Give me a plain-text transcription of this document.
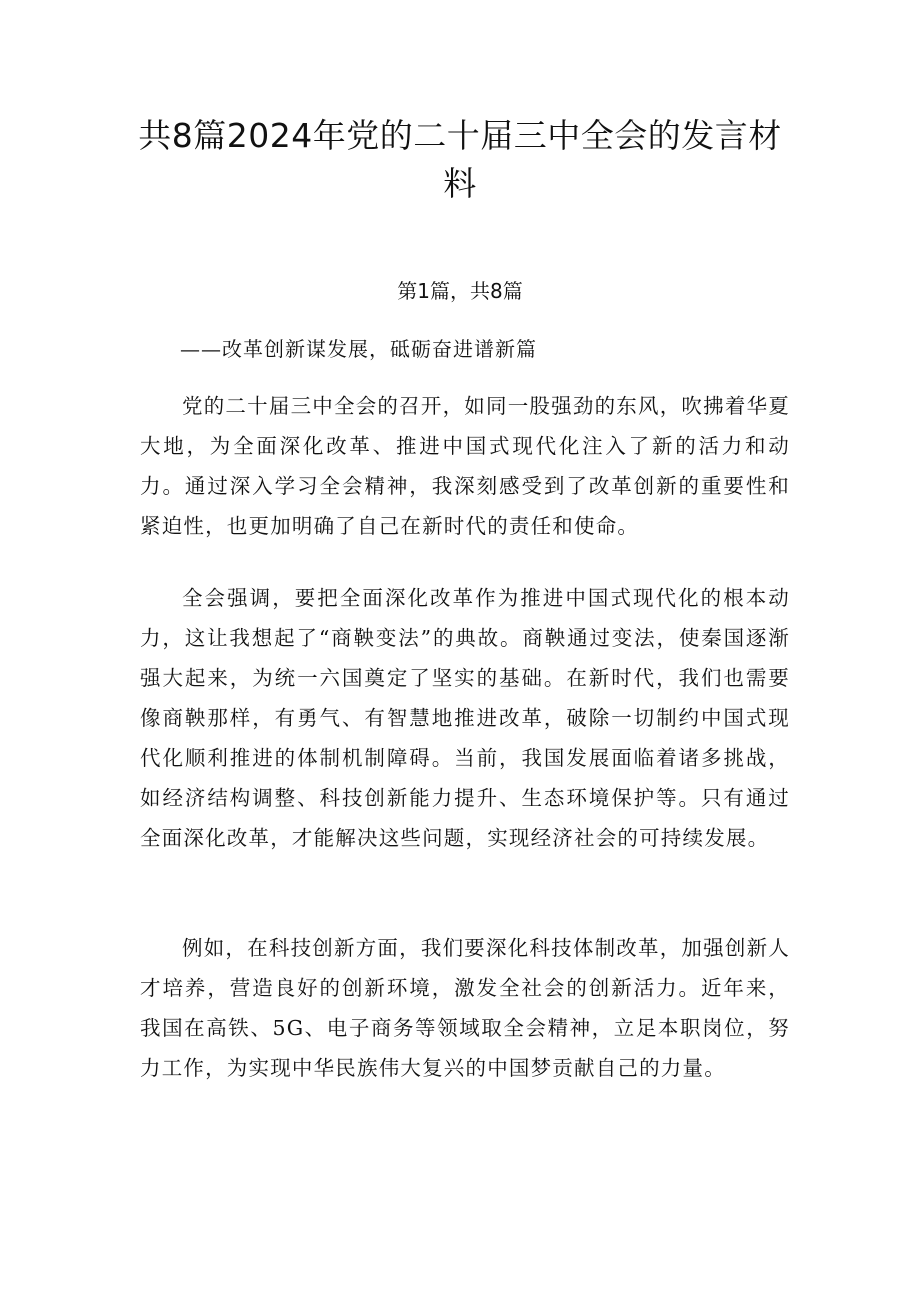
共8篇2024年党的二十届三中全会的发言材料
第1篇，共8篇
——改革创新谋发展，砥砺奋进谱新篇

党的二十届三中全会的召开，如同一股强劲的东风，吹拂着华夏大地，为全面深化改革、推进中国式现代化注入了新的活力和动力。通过深入学习全会精神，我深刻感受到了改革创新的重要性和紧迫性，也更加明确了自己在新时代的责任和使命。

全会强调，要把全面深化改革作为推进中国式现代化的根本动力，这让我想起了“商鞅变法”的典故。商鞅通过变法，使秦国逐渐强大起来，为统一六国奠定了坚实的基础。在新时代，我们也需要像商鞅那样，有勇气、有智慧地推进改革，破除一切制约中国式现代化顺利推进的体制机制障碍。当前，我国发展面临着诸多挑战，如经济结构调整、科技创新能力提升、生态环境保护等。只有通过全面深化改革，才能解决这些问题，实现经济社会的可持续发展。

例如，在科技创新方面，我们要深化科技体制改革，加强创新人才培养，营造良好的创新环境，激发全社会的创新活力。近年来，我国在高铁、5G、电子商务等领域取全会精神，立足本职岗位，努力工作，为实现中华民族伟大复兴的中国梦贡献自己的力量。
